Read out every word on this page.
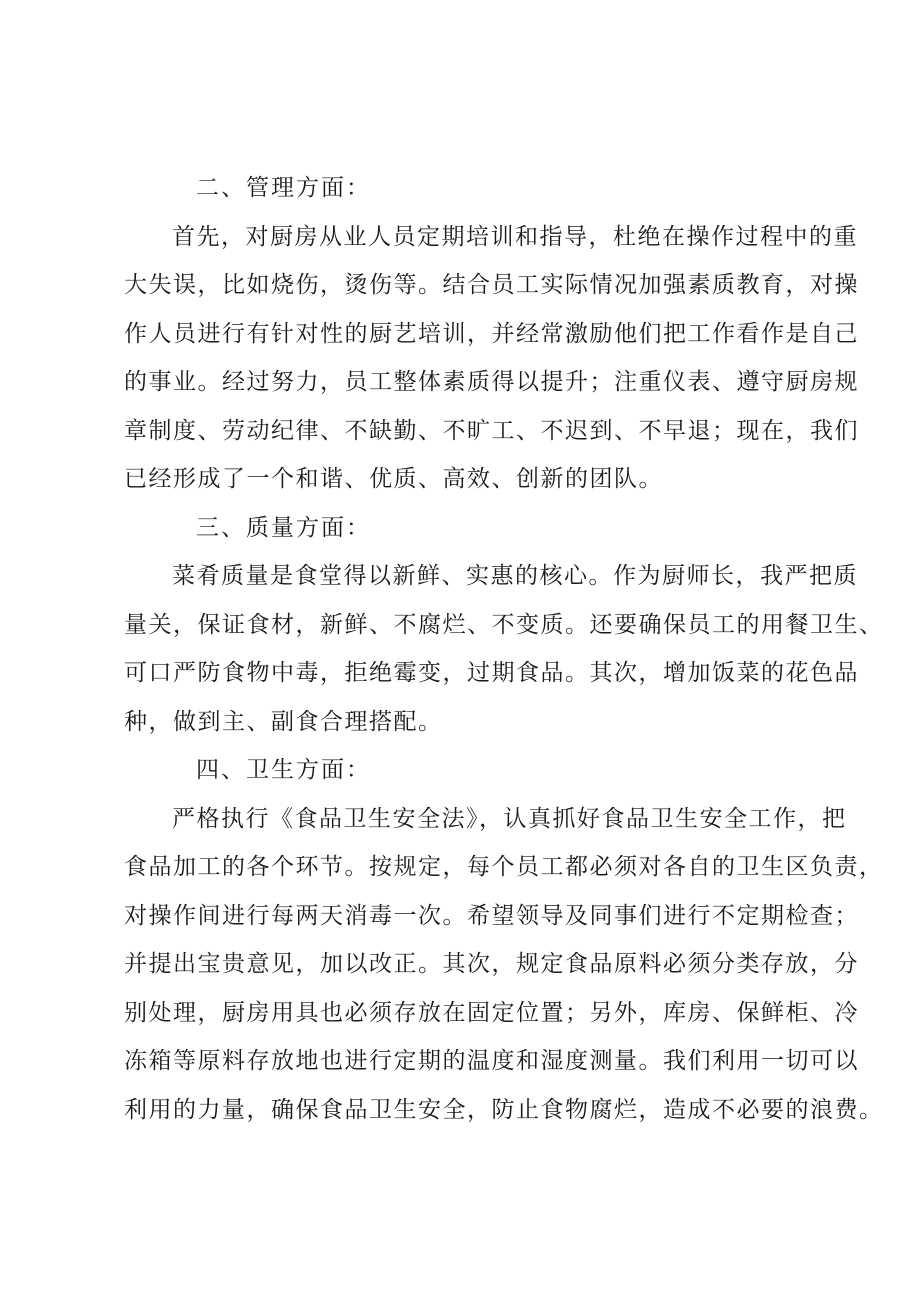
二、管理方面：
首先，对厨房从业人员定期培训和指导，杜绝在操作过程中的重
大失误，比如烧伤，烫伤等。结合员工实际情况加强素质教育，对操
作人员进行有针对性的厨艺培训，并经常激励他们把工作看作是自己
的事业。经过努力，员工整体素质得以提升；注重仪表、遵守厨房规
章制度、劳动纪律、不缺勤、不旷工、不迟到、不早退；现在，我们
已经形成了一个和谐、优质、高效、创新的团队。
三、质量方面：
菜肴质量是食堂得以新鲜、实惠的核心。作为厨师长，我严把质
量关，保证食材，新鲜、不腐烂、不变质。还要确保员工的用餐卫生、
可口严防食物中毒，拒绝霉变，过期食品。其次，增加饭菜的花色品
种，做到主、副食合理搭配。
四、卫生方面：
严格执行《食品卫生安全法》，认真抓好食品卫生安全工作，把
食品加工的各个环节。按规定，每个员工都必须对各自的卫生区负责，
对操作间进行每两天消毒一次。希望领导及同事们进行不定期检查；
并提出宝贵意见，加以改正。其次，规定食品原料必须分类存放，分
别处理，厨房用具也必须存放在固定位置；另外，库房、保鲜柜、冷
冻箱等原料存放地也进行定期的温度和湿度测量。我们利用一切可以
利用的力量，确保食品卫生安全，防止食物腐烂，造成不必要的浪费。
